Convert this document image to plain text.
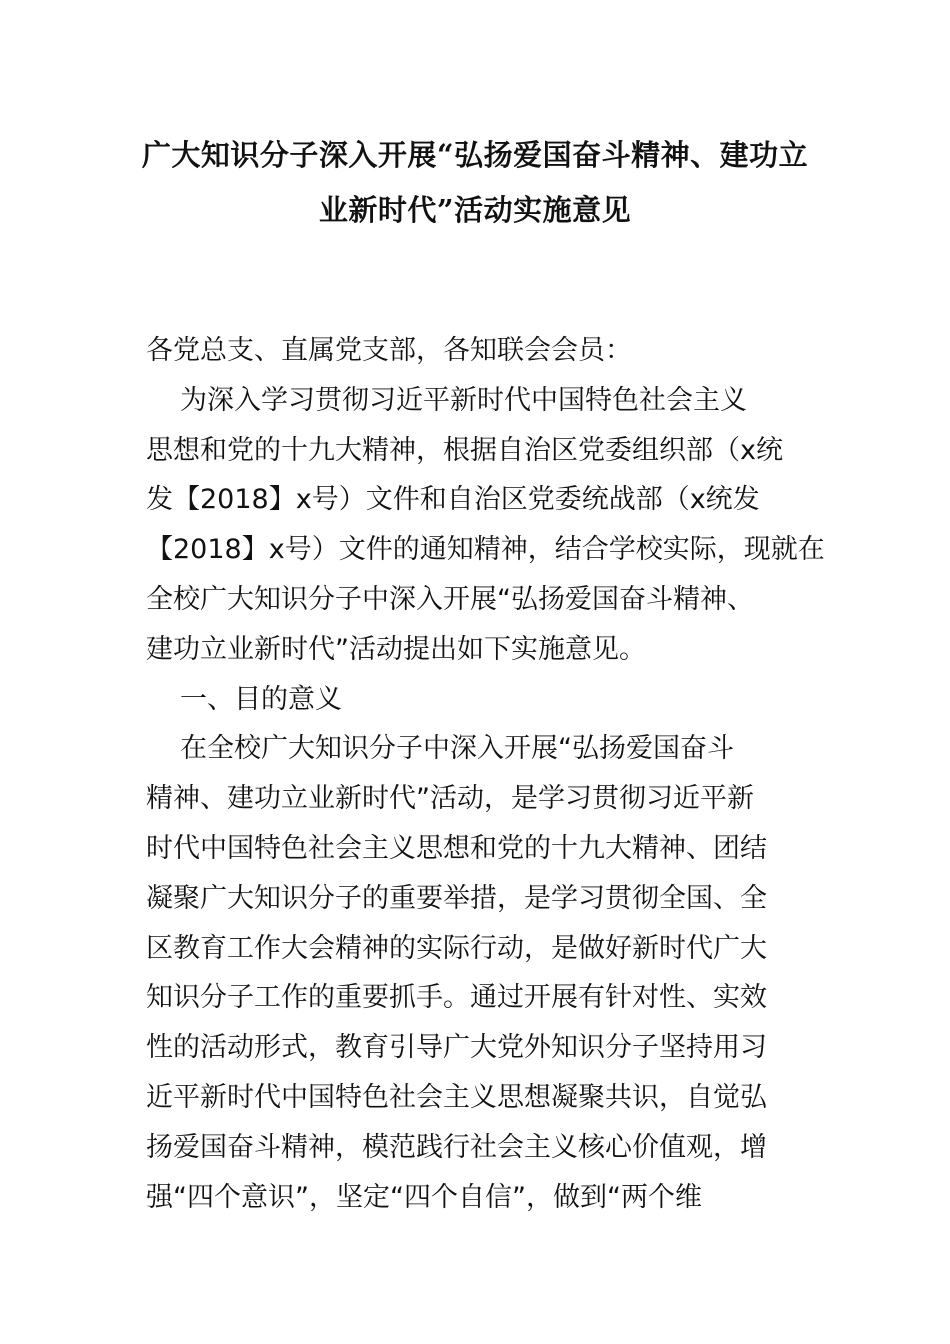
广大知识分子深入开展“弘扬爱国奋斗精神、建功立
业新时代”活动实施意见
各党总支、直属党支部，各知联会会员：
为深入学习贯彻习近平新时代中国特色社会主义
思想和党的十九大精神，根据自治区党委组织部（x统
发【2018】x号）文件和自治区党委统战部（x统发
【2018】x号）文件的通知精神，结合学校实际，现就在
全校广大知识分子中深入开展“弘扬爱国奋斗精神、
建功立业新时代”活动提出如下实施意见。
一、目的意义
在全校广大知识分子中深入开展“弘扬爱国奋斗
精神、建功立业新时代”活动，是学习贯彻习近平新
时代中国特色社会主义思想和党的十九大精神、团结
凝聚广大知识分子的重要举措，是学习贯彻全国、全
区教育工作大会精神的实际行动，是做好新时代广大
知识分子工作的重要抓手。通过开展有针对性、实效
性的活动形式，教育引导广大党外知识分子坚持用习
近平新时代中国特色社会主义思想凝聚共识，自觉弘
扬爱国奋斗精神，模范践行社会主义核心价值观，增
强“四个意识”，坚定“四个自信”，做到“两个维
